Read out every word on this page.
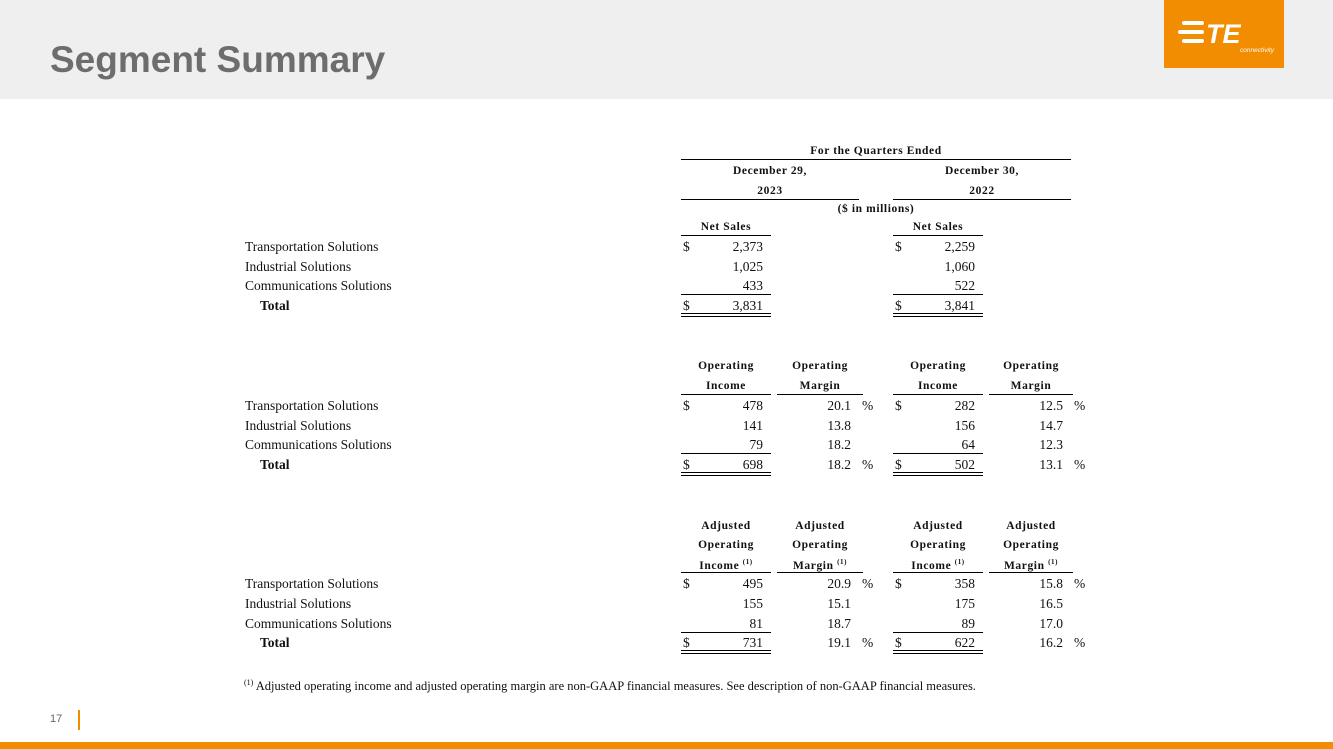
Segment Summary
TE
connectivity
For the Quarters Ended
December 29,
2023
December 30,
2022
($ in millions)
Net Sales	Net Sales
Transportation Solutions	$	2,373	$	2,259
Industrial Solutions	1,025	1,060
Communications Solutions	433	522
Total	$	3,831	$	3,841
Operating
Income
Operating
Margin
Operating
Income
Operating
Margin
Transportation Solutions	$	478	20.1 % $	282	12.5 %
Industrial Solutions	141	13.8	156	14.7
Communications Solutions	79	18.2	64	12.3
Total	$	698	18.2 % $	502	13.1 %
Adjusted
Operating
Income $^{(1)}$
Adjusted
Operating
Margin $^{(1)}$
Adjusted
Operating
Income $^{(1)}$
Adjusted
Operating
Margin $^{(1)}$
Transportation Solutions	$	495	20.9 % $	358	15.8 %
Industrial Solutions	155	15.1	175	16.5
Communications Solutions	81	18.7	89	17.0
Total	$	731	19.1 % $	622	16.2 %
$^{(1)}$ Adjusted operating income and adjusted operating margin are non-GAAP financial measures. See description of non-GAAP financial measures.
17
